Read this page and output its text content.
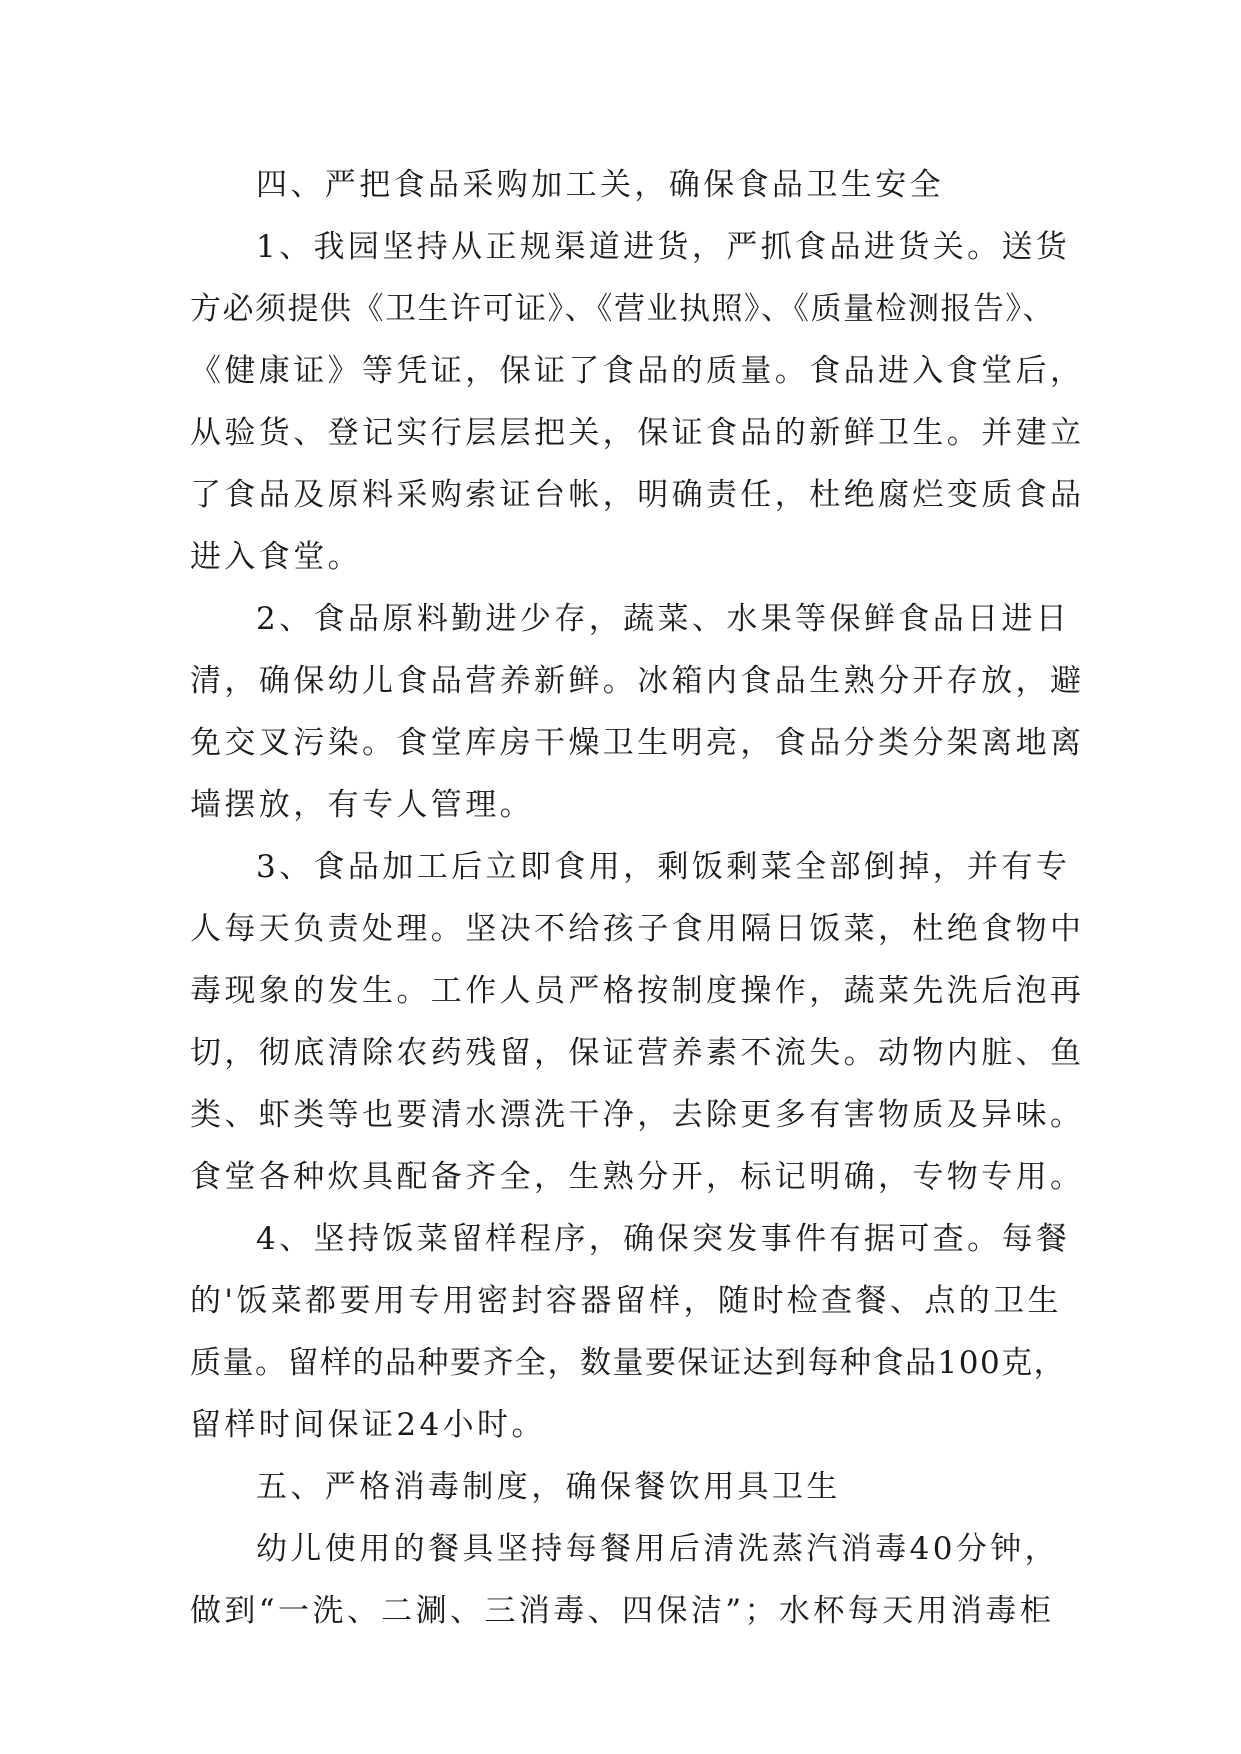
四、严把食品采购加工关，确保食品卫生安全
1、我园坚持从正规渠道进货，严抓食品进货关。送货
方必须提供《卫生许可证》、《营业执照》、《质量检测报告》、
《健康证》等凭证，保证了食品的质量。食品进入食堂后，
从验货、登记实行层层把关，保证食品的新鲜卫生。并建立
了食品及原料采购索证台帐，明确责任，杜绝腐烂变质食品
进入食堂。
2、食品原料勤进少存，蔬菜、水果等保鲜食品日进日
清，确保幼儿食品营养新鲜。冰箱内食品生熟分开存放，避
免交叉污染。食堂库房干燥卫生明亮，食品分类分架离地离
墙摆放，有专人管理。
3、食品加工后立即食用，剩饭剩菜全部倒掉，并有专
人每天负责处理。坚决不给孩子食用隔日饭菜，杜绝食物中
毒现象的发生。工作人员严格按制度操作，蔬菜先洗后泡再
切，彻底清除农药残留，保证营养素不流失。动物内脏、鱼
类、虾类等也要清水漂洗干净，去除更多有害物质及异味。
食堂各种炊具配备齐全，生熟分开，标记明确，专物专用。
4、坚持饭菜留样程序，确保突发事件有据可查。每餐
的'饭菜都要用专用密封容器留样，随时检查餐、点的卫生
质量。留样的品种要齐全，数量要保证达到每种食品100克，
留样时间保证24小时。
五、严格消毒制度，确保餐饮用具卫生
幼儿使用的餐具坚持每餐用后清洗蒸汽消毒40分钟，
做到“一洗、二涮、三消毒、四保洁”；水杯每天用消毒柜
